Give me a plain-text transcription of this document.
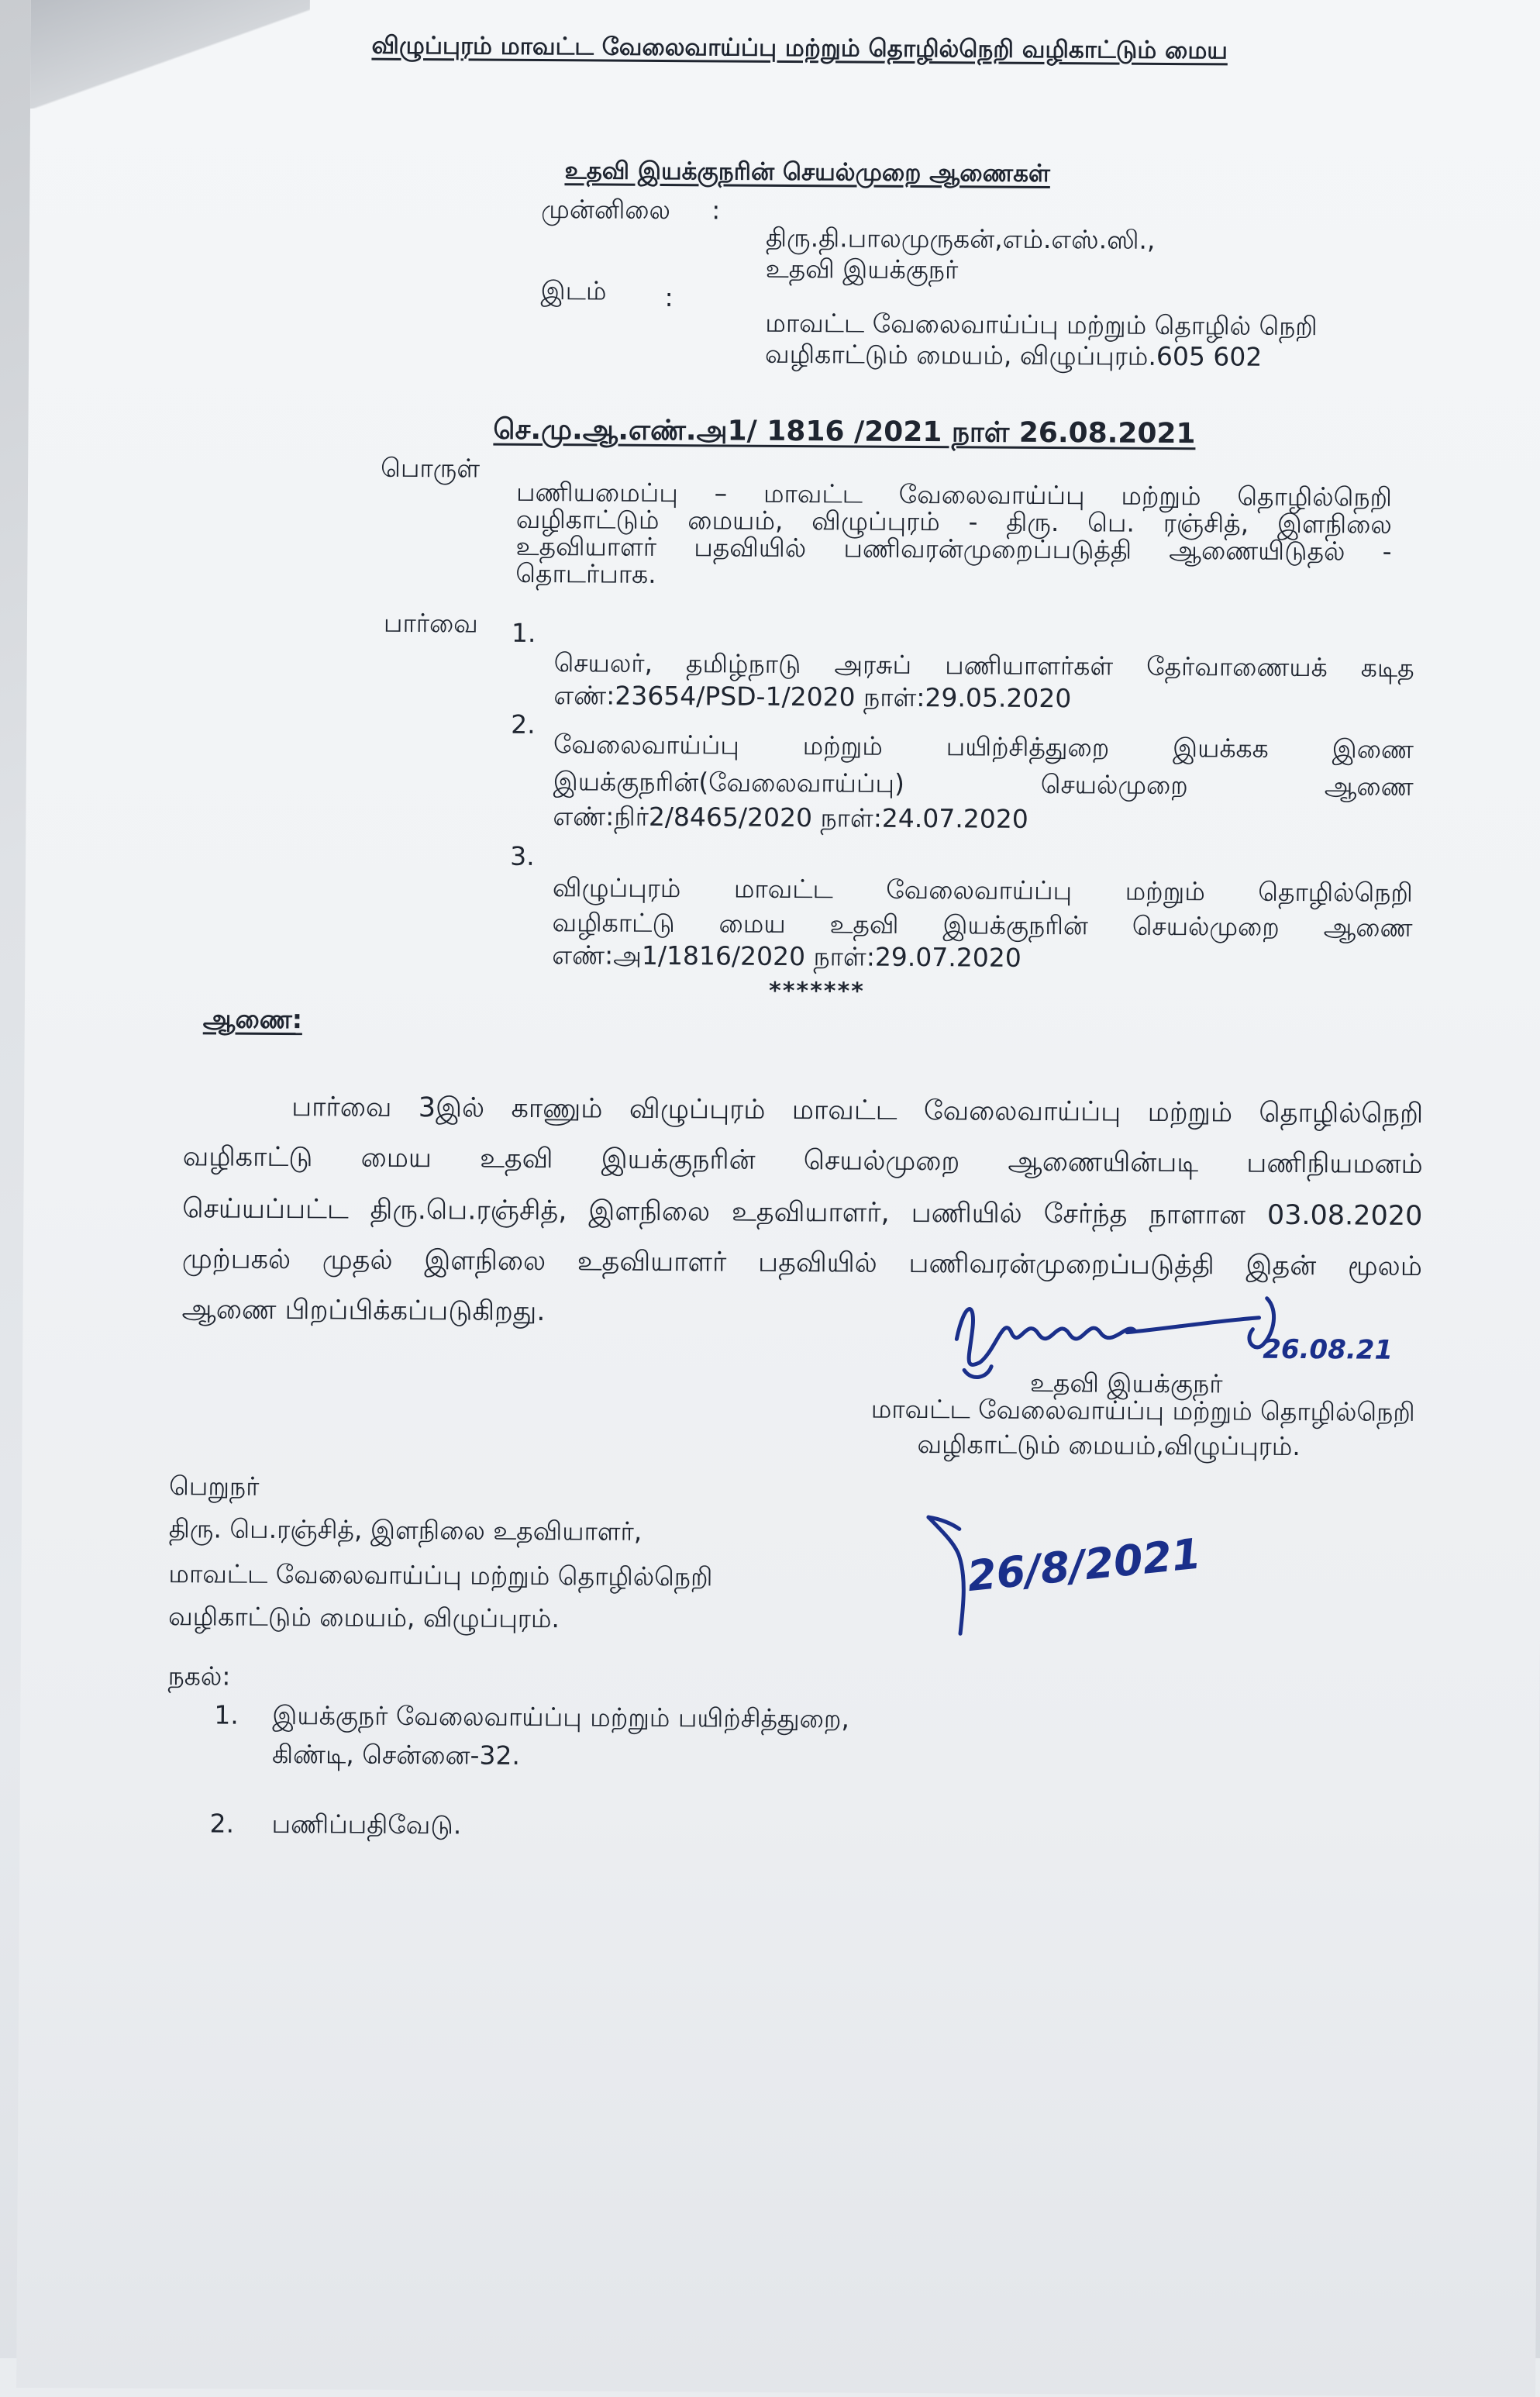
விழுப்புரம் மாவட்ட வேலைவாய்ப்பு மற்றும் தொழில்நெறி வழிகாட்டும் மைய
உதவி இயக்குநரின் செயல்முறை ஆணைகள்
முன்னிலை :
திரு.தி.பாலமுருகன்,எம்.எஸ்.ஸி.,
உதவி இயக்குநர்
இடம் :
மாவட்ட வேலைவாய்ப்பு மற்றும் தொழில் நெறி
வழிகாட்டும் மையம், விழுப்புரம்.605 602
செ.மு.ஆ.எண்.அ1/ 1816 /2021 நாள் 26.08.2021
பொருள்
பணியமைப்பு – மாவட்ட வேலைவாய்ப்பு மற்றும் தொழில்நெறி
வழிகாட்டும் மையம், விழுப்புரம் - திரு. பெ. ரஞ்சித், இளநிலை
உதவியாளர் பதவியில் பணிவரன்முறைப்படுத்தி ஆணையிடுதல் -
தொடர்பாக.
பார்வை 1.
செயலர், தமிழ்நாடு அரசுப் பணியாளர்கள் தேர்வாணையக் கடித
எண்:23654/PSD-1/2020 நாள்:29.05.2020
2.
வேலைவாய்ப்பு மற்றும் பயிற்சித்துறை இயக்கக இணை
இயக்குநரின்(வேலைவாய்ப்பு) செயல்முறை ஆணை
எண்:நிர்2/8465/2020 நாள்:24.07.2020
3.
விழுப்புரம் மாவட்ட வேலைவாய்ப்பு மற்றும் தொழில்நெறி
வழிகாட்டு மைய உதவி இயக்குநரின் செயல்முறை ஆணை
எண்:அ1/1816/2020 நாள்:29.07.2020
*******
ஆணை:
பார்வை 3இல் காணும் விழுப்புரம் மாவட்ட வேலைவாய்ப்பு மற்றும் தொழில்நெறி
வழிகாட்டு மைய உதவி இயக்குநரின் செயல்முறை ஆணையின்படி பணிநியமனம்
செய்யப்பட்ட திரு.பெ.ரஞ்சித், இளநிலை உதவியாளர், பணியில் சேர்ந்த நாளான 03.08.2020
முற்பகல் முதல் இளநிலை உதவியாளர் பதவியில் பணிவரன்முறைப்படுத்தி இதன் மூலம்
ஆணை பிறப்பிக்கப்படுகிறது.
26.08.21
உதவி இயக்குநர்
மாவட்ட வேலைவாய்ப்பு மற்றும் தொழில்நெறி
வழிகாட்டும் மையம்,விழுப்புரம்.
பெறுநர்
திரு. பெ.ரஞ்சித், இளநிலை உதவியாளர்,
மாவட்ட வேலைவாய்ப்பு மற்றும் தொழில்நெறி
வழிகாட்டும் மையம், விழுப்புரம்.
26/8/2021
நகல்:
1. இயக்குநர் வேலைவாய்ப்பு மற்றும் பயிற்சித்துறை,
கிண்டி, சென்னை-32.
2. பணிப்பதிவேடு.
